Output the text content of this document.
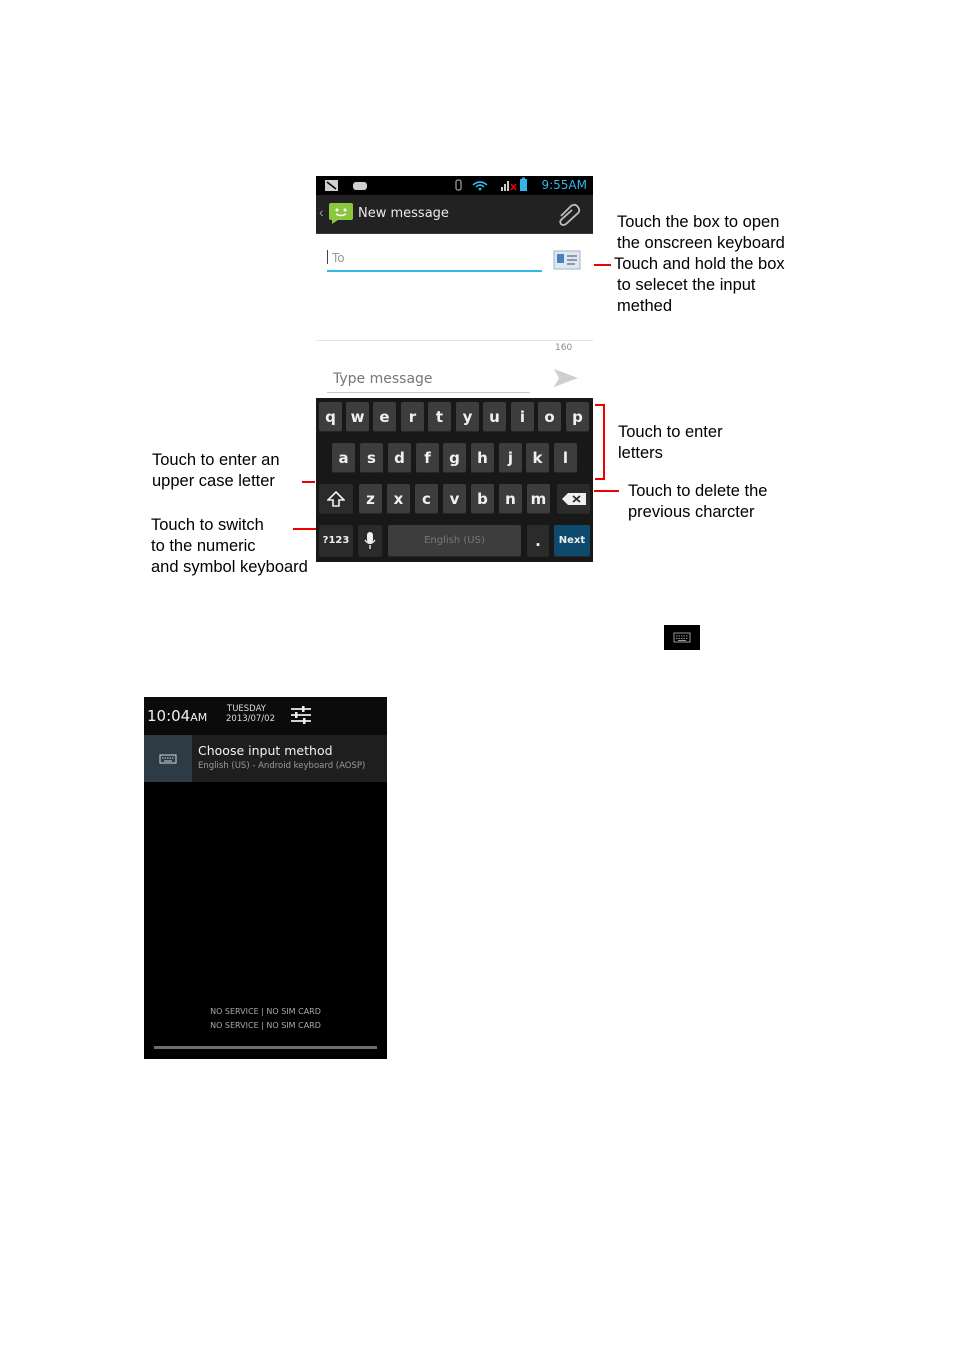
9:55AM
‹	New message
To
160
Type message
q w e	r	t	y	u	i	o	p
a	s	d	f	g	h	j	k	l
z	x	c	v	b	n m
?123	English (US)	.	Next
Touch the box to open
the onscreen keyboard
Touch and hold the box
to selecet the input
methed
Touch to enter
letters
Touch to delete the
previous charcter
Touch to enter an
upper case letter
Touch to switch
to the numeric
and symbol keyboard
10:04AM
TUESDAY
2013/07/02
Choose input method
English (US) - Android keyboard (AOSP)
NO SERVICE | NO SIM CARD
NO SERVICE | NO SIM CARD
